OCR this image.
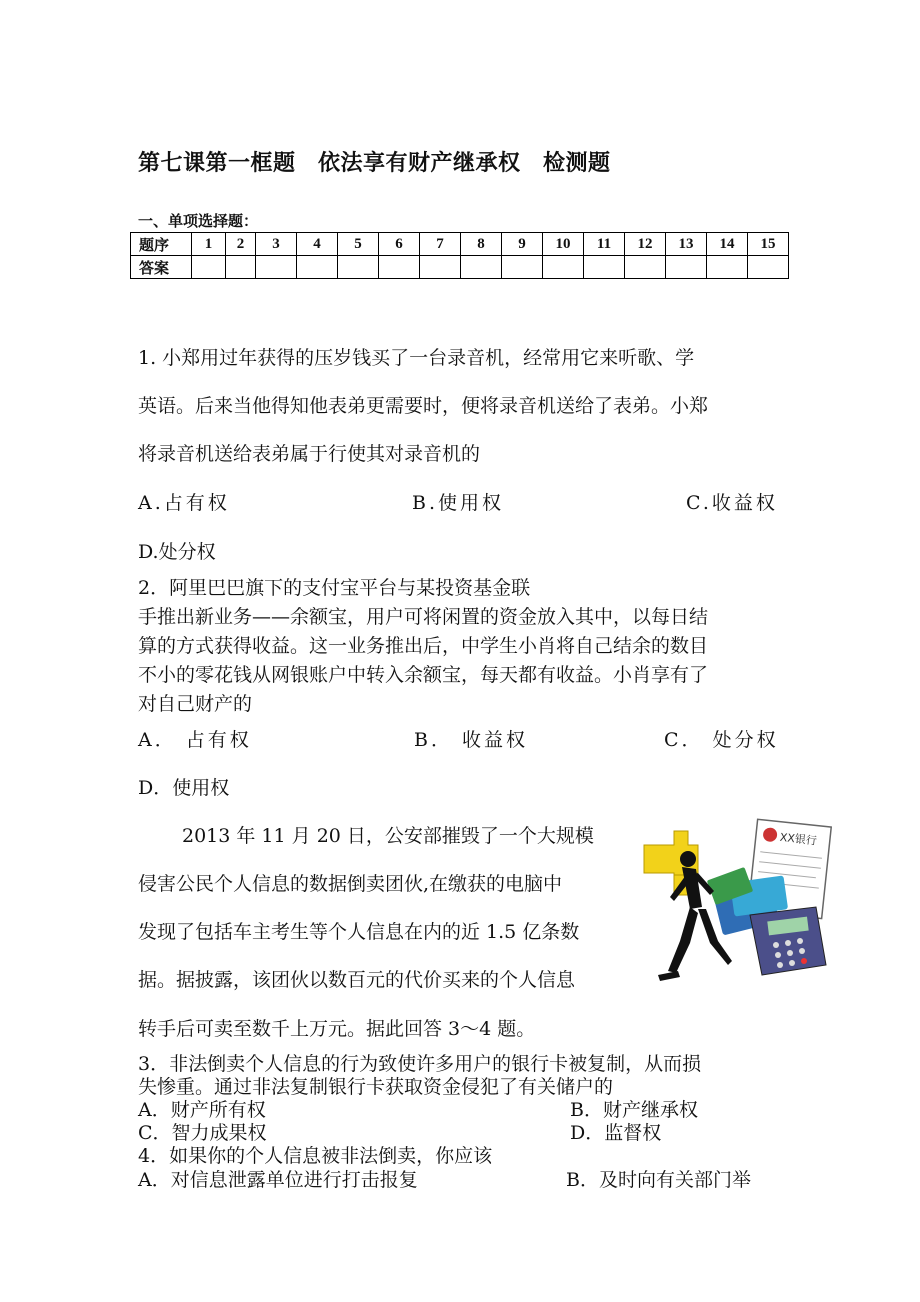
第七课第一框题　依法享有财产继承权　检测题
一、单项选择题：
题序	1	2	3	4	5	6	7	8	9	10	11	12	13	14	15
答案															
1. 小郑用过年获得的压岁钱买了一台录音机，经常用它来听歌、学
英语。后来当他得知他表弟更需要时，便将录音机送给了表弟。小郑
将录音机送给表弟属于行使其对录音机的
A.占有权	B.使用权	C.收益权
D.处分权
2．阿里巴巴旗下的支付宝平台与某投资基金联
手推出新业务——余额宝，用户可将闲置的资金放入其中，以每日结
算的方式获得收益。这一业务推出后，中学生小肖将自己结余的数目
不小的零花钱从网银账户中转入余额宝，每天都有收益。小肖享有了
对自己财产的
A． 占有权	B． 收益权	C． 处分权
D．使用权
2013 年 11 月 20 日，公安部摧毁了一个大规模
侵害公民个人信息的数据倒卖团伙,在缴获的电脑中
发现了包括车主考生等个人信息在内的近 1.5 亿条数
据。据披露，该团伙以数百元的代价买来的个人信息
转手后可卖至数千上万元。据此回答 3～4 题。
XX银行
3．非法倒卖个人信息的行为致使许多用户的银行卡被复制，从而损
失惨重。通过非法复制银行卡获取资金侵犯了有关储户的
A．财产所有权	B．财产继承权
C．智力成果权	D．监督权
4．如果你的个人信息被非法倒卖，你应该
A．对信息泄露单位进行打击报复	B．及时向有关部门举
